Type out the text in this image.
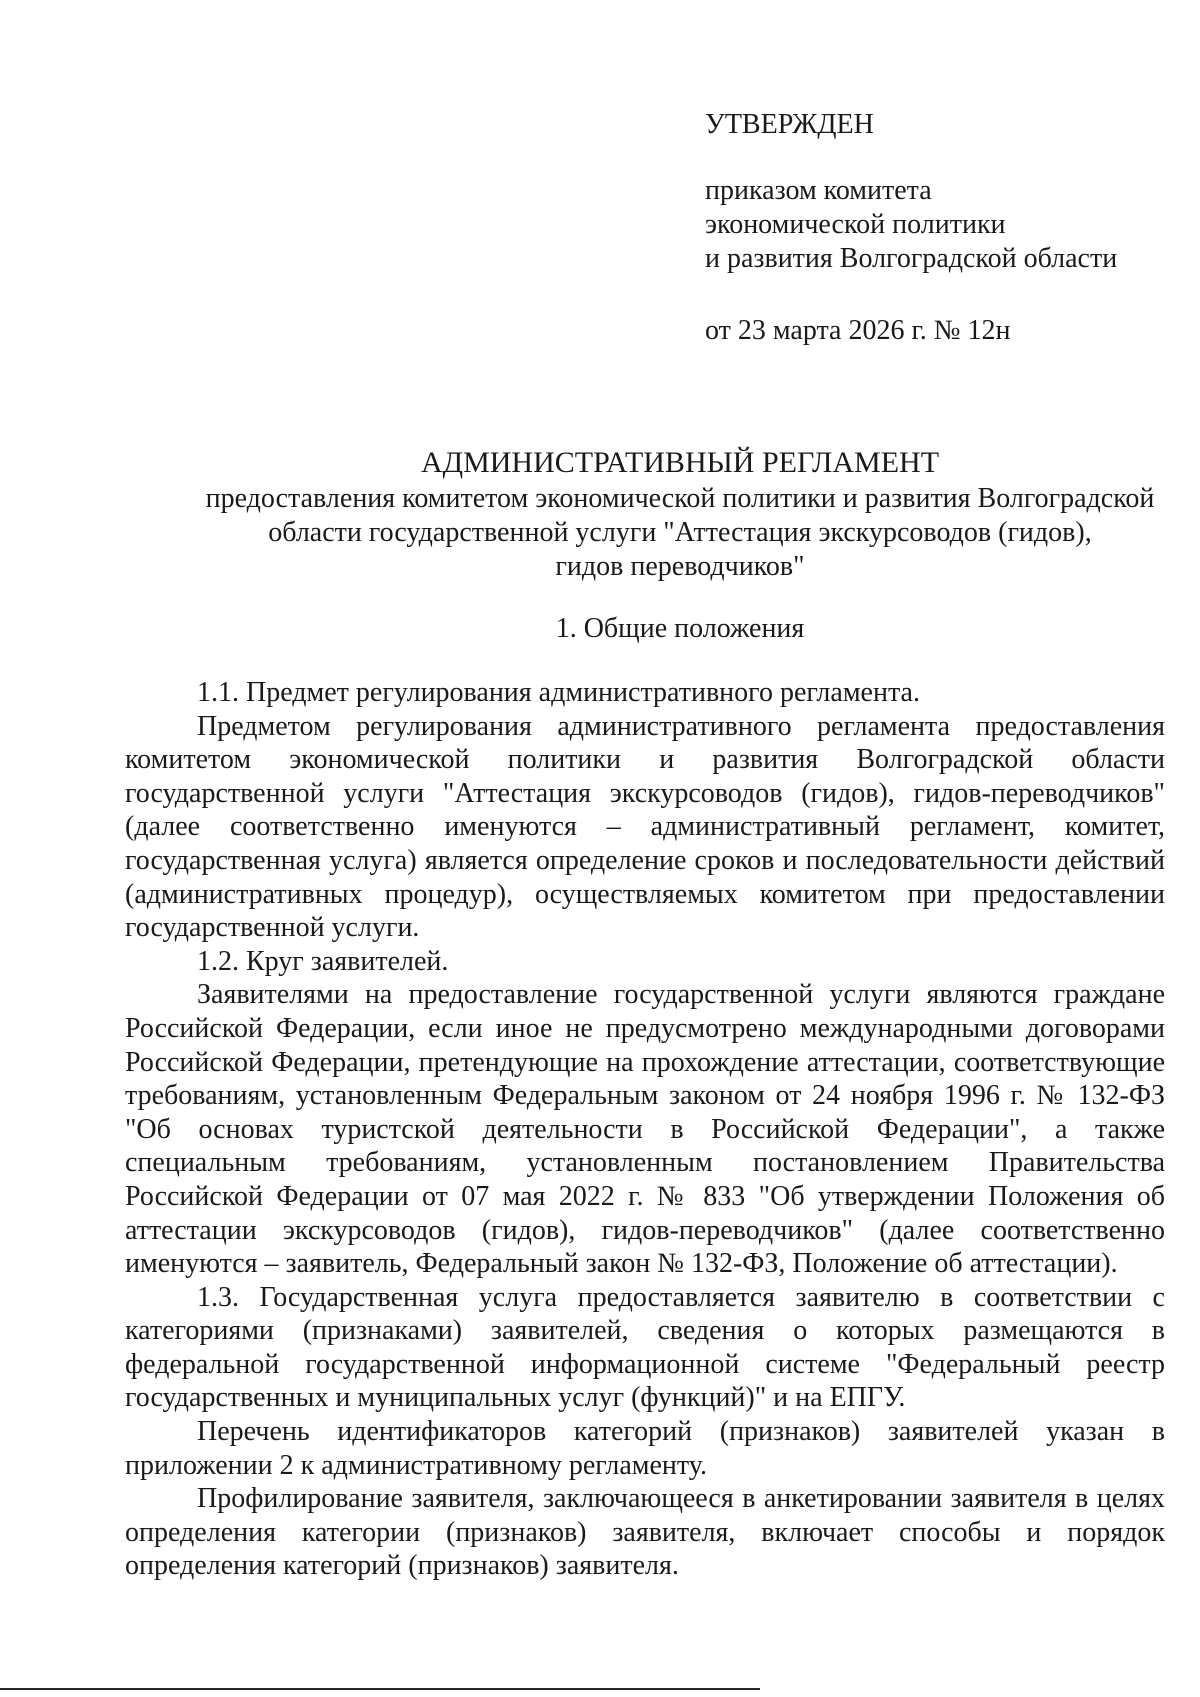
УТВЕРЖДЕН
приказом комитета
экономической политики
и развития Волгоградской области
от 23 марта 2026 г. № 12н
АДМИНИСТРАТИВНЫЙ РЕГЛАМЕНТ
предоставления комитетом экономической политики и развития Волгоградской
области государственной услуги "Аттестация экскурсоводов (гидов),
гидов переводчиков"
1. Общие положения

1.1. Предмет регулирования административного регламента.

Предметом регулирования административного регламента предоставления комитетом экономической политики и развития Волгоградской области государственной услуги "Аттестация экскурсоводов (гидов), гидов-переводчиков" (далее соответственно именуются – административный регламент, комитет, государственная услуга) является определение сроков и последовательности действий (административных процедур), осуществляемых комитетом при предоставлении государственной услуги.

1.2. Круг заявителей.

Заявителями на предоставление государственной услуги являются граждане Российской Федерации, если иное не предусмотрено международными договорами Российской Федерации, претендующие на прохождение аттестации, соответствующие требованиям, установленным Федеральным законом от 24 ноября 1996 г. № 132-ФЗ "Об основах туристской деятельности в Российской Федерации", а также специальным требованиям, установленным постановлением Правительства Российской Федерации от 07 мая 2022 г. № 833 "Об утверждении Положения об аттестации экскурсоводов (гидов), гидов-переводчиков" (далее соответственно именуются – заявитель, Федеральный закон № 132-ФЗ, Положение об аттестации).

1.3. Государственная услуга предоставляется заявителю в соответствии с категориями (признаками) заявителей, сведения о которых размещаются в федеральной государственной информационной системе "Федеральный реестр государственных и муниципальных услуг (функций)" и на ЕПГУ.

Перечень идентификаторов категорий (признаков) заявителей указан в приложении 2 к административному регламенту.

Профилирование заявителя, заключающееся в анкетировании заявителя в целях определения категории (признаков) заявителя, включает способы и порядок определения категорий (признаков) заявителя.
